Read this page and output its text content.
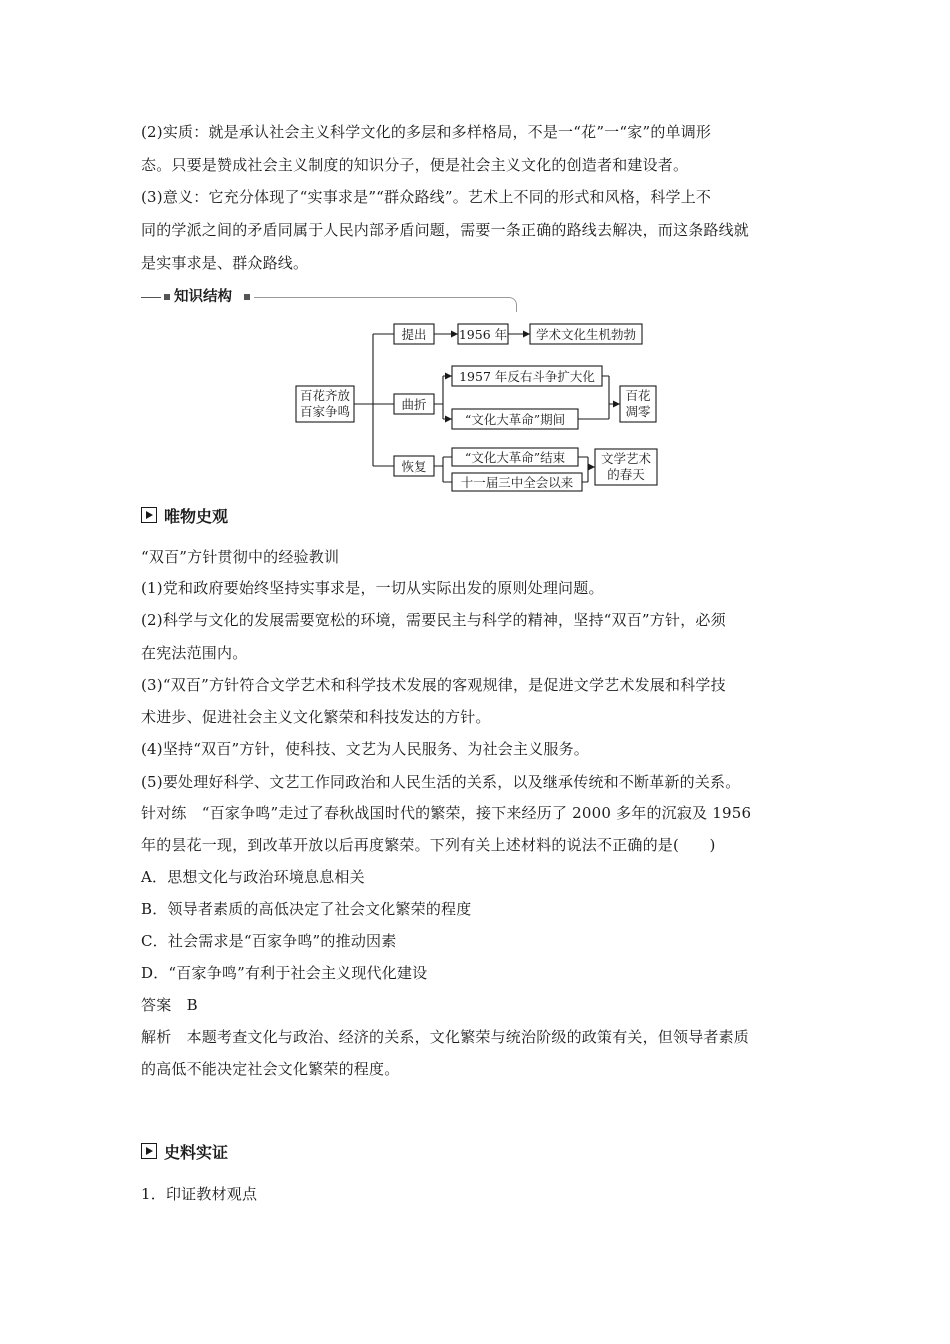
(2)实质：就是承认社会主义科学文化的多层和多样格局，不是一“花”一“家”的单调形
态。只要是赞成社会主义制度的知识分子，便是社会主义文化的创造者和建设者。
(3)意义：它充分体现了“实事求是”“群众路线”。艺术上不同的形式和风格，科学上不
同的学派之间的矛盾同属于人民内部矛盾问题，需要一条正确的路线去解决，而这条路线就
是实事求是、群众路线。
知识结构
百花齐放
百家争鸣
提出	1956 年 学术文化生机勃勃
曲折
1957 年反右斗争扩大化
“文化大革命”期间
百花
凋零
恢复
“文化大革命”结束
十一届三中全会以来
文学艺术
的春天
唯物史观
“双百”方针贯彻中的经验教训
(1)党和政府要始终坚持实事求是，一切从实际出发的原则处理问题。
(2)科学与文化的发展需要宽松的环境，需要民主与科学的精神，坚持“双百”方针，必须
在宪法范围内。
(3)“双百”方针符合文学艺术和科学技术发展的客观规律，是促进文学艺术发展和科学技
术进步、促进社会主义文化繁荣和科技发达的方针。
(4)坚持“双百”方针，使科技、文艺为人民服务、为社会主义服务。
(5)要处理好科学、文艺工作同政治和人民生活的关系，以及继承传统和不断革新的关系。
针对练　“百家争鸣”走过了春秋战国时代的繁荣，接下来经历了 2000 多年的沉寂及 1956
年的昙花一现，到改革开放以后再度繁荣。下列有关上述材料的说法不正确的是(　　)
A．思想文化与政治环境息息相关
B．领导者素质的高低决定了社会文化繁荣的程度
C．社会需求是“百家争鸣”的推动因素
D．“百家争鸣”有利于社会主义现代化建设
答案　B
解析　本题考查文化与政治、经济的关系，文化繁荣与统治阶级的政策有关，但领导者素质
的高低不能决定社会文化繁荣的程度。
史料实证
1．印证教材观点
